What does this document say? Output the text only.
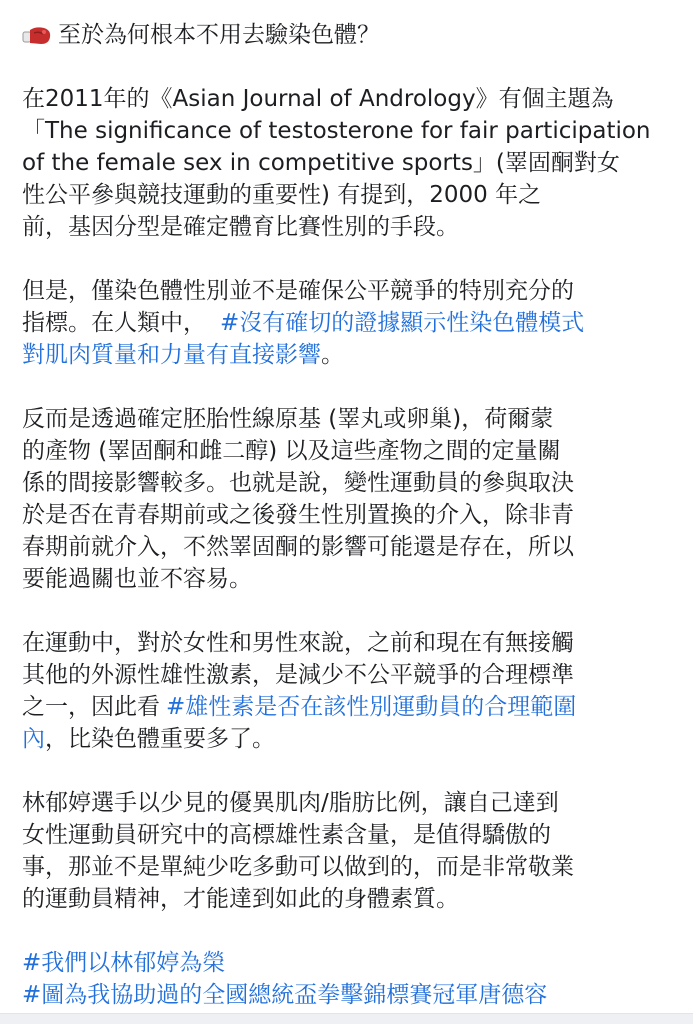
至於為何根本不用去驗染色體？
在2011年的《Asian Journal of Andrology》有個主題為
「The significance of testosterone for fair participation
of the female sex in competitive sports」(睪固酮對女
性公平參與競技運動的重要性) 有提到，2000 年之
前，基因分型是確定體育比賽性別的手段。
但是，僅染色體性別並不是確保公平競爭的特別充分的
指標。在人類中， #沒有確切的證據顯示性染色體模式
對肌肉質量和力量有直接影響。
反而是透過確定胚胎性線原基 (睪丸或卵巢)，荷爾蒙
的產物 (睪固酮和雌二醇) 以及這些產物之間的定量關
係的間接影響較多。也就是說，變性運動員的參與取決
於是否在青春期前或之後發生性別置換的介入，除非青
春期前就介入，不然睪固酮的影響可能還是存在，所以
要能過關也並不容易。
在運動中，對於女性和男性來說，之前和現在有無接觸
其他的外源性雄性激素，是減少不公平競爭的合理標準
之一，因此看 #雄性素是否在該性別運動員的合理範圍
內，比染色體重要多了。
林郁婷選手以少見的優異肌肉/脂肪比例，讓自己達到
女性運動員研究中的高標雄性素含量，是值得驕傲的
事，那並不是單純少吃多動可以做到的，而是非常敬業
的運動員精神，才能達到如此的身體素質。
#我們以林郁婷為榮
#圖為我協助過的全國總統盃拳擊錦標賽冠軍唐德容
